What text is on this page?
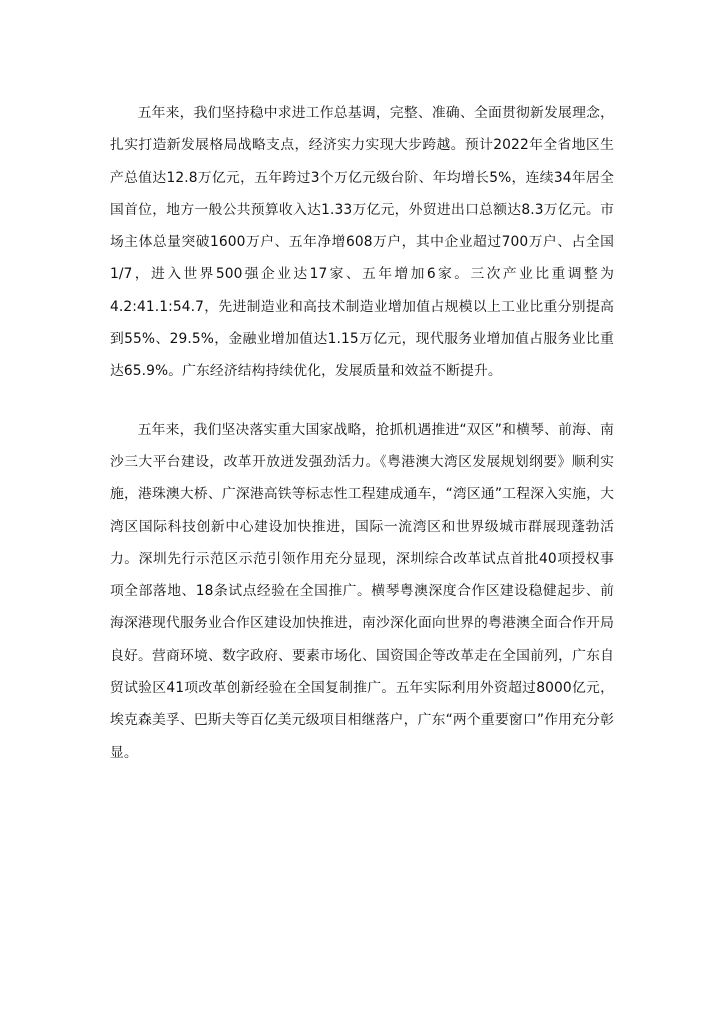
五年来，我们坚持稳中求进工作总基调，完整、准确、全面贯彻新发展理念，扎实打造新发展格局战略支点，经济实力实现大步跨越。预计2022年全省地区生产总值达12.8万亿元，五年跨过3个万亿元级台阶、年均增长5%，连续34年居全国首位，地方一般公共预算收入达1.33万亿元，外贸进出口总额达8.3万亿元。市场主体总量突破1600万户、五年净增608万户，其中企业超过700万户、占全国1/7，进入世界500强企业达17家、五年增加6家。三次产业比重调整为4.2:41.1:54.7，先进制造业和高技术制造业增加值占规模以上工业比重分别提高到55%、29.5%，金融业增加值达1.15万亿元，现代服务业增加值占服务业比重达65.9%。广东经济结构持续优化，发展质量和效益不断提升。

五年来，我们坚决落实重大国家战略，抢抓机遇推进“双区”和横琴、前海、南沙三大平台建设，改革开放迸发强劲活力。《粤港澳大湾区发展规划纲要》顺利实施，港珠澳大桥、广深港高铁等标志性工程建成通车，“湾区通”工程深入实施，大湾区国际科技创新中心建设加快推进，国际一流湾区和世界级城市群展现蓬勃活力。深圳先行示范区示范引领作用充分显现，深圳综合改革试点首批40项授权事项全部落地、18条试点经验在全国推广。横琴粤澳深度合作区建设稳健起步、前海深港现代服务业合作区建设加快推进，南沙深化面向世界的粤港澳全面合作开局良好。营商环境、数字政府、要素市场化、国资国企等改革走在全国前列，广东自贸试验区41项改革创新经验在全国复制推广。五年实际利用外资超过8000亿元，埃克森美孚、巴斯夫等百亿美元级项目相继落户，广东“两个重要窗口”作用充分彰显。
